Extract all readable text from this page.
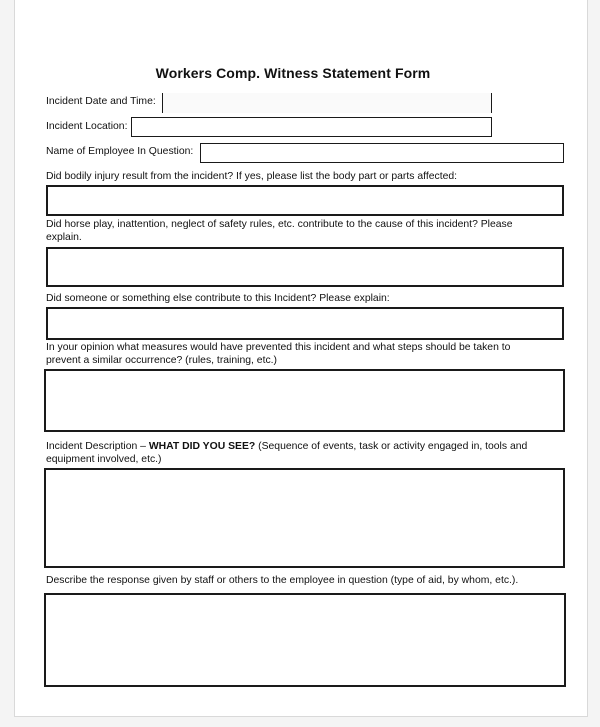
Workers Comp. Witness Statement Form
Incident Date and Time:
Incident Location:
Name of Employee In Question:
Did bodily injury result from the incident? If yes, please list the body part or parts affected:
Did horse play, inattention, neglect of safety rules, etc. contribute to the cause of this incident? Please
explain.
Did someone or something else contribute to this Incident? Please explain:
In your opinion what measures would have prevented this incident and what steps should be taken to
prevent a similar occurrence? (rules, training, etc.)
Incident Description – WHAT DID YOU SEE? (Sequence of events, task or activity engaged in, tools and
equipment involved, etc.)
Describe the response given by staff or others to the employee in question (type of aid, by whom, etc.).
